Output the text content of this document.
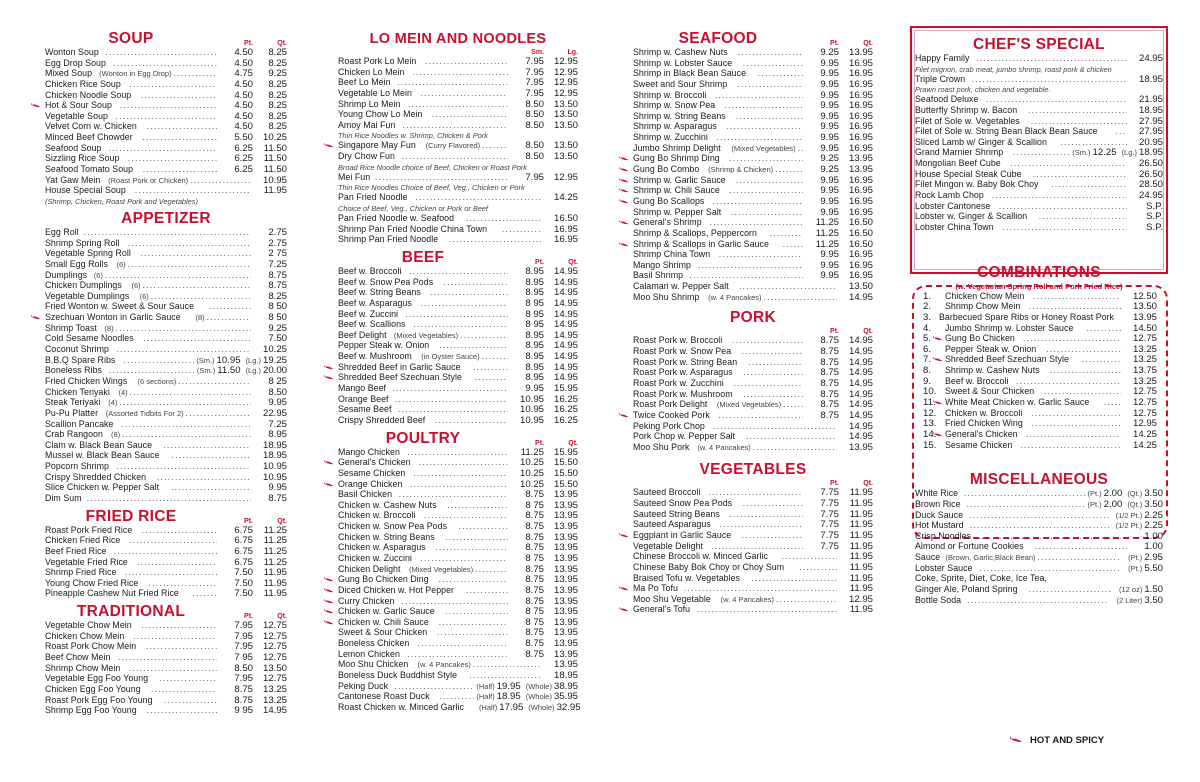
SOUP	Pt.	Qt.
Wonton Soup .....	4.50	8.25
Egg Drop Soup .....	4.50	8.25
Mixed Soup (Wonton in Egg Drop) .....	4.75	9.25
Chicken Rice Soup .....	4.50	8.25
Chicken Noodle Soup .....	4.50	8.25
Hot & Sour Soup .....	4.50	8.25
Vegetable Soup .....	4.50	8.25
Velvet Corn w. Chicken .....	4.50	8.25
Minced Beef Chowder .....	5.50	10.25
Seafood Soup .....	6.25	11.50
Sizzling Rice Soup .....	6.25	11.50
Seafood Tomato Soup .....	6.25	11.50
Yat Gaw Mein (Roast Pork or Chicken) .....	10.95
House Special Soup .....	11.95
(Shrimp, Chicken, Roast Pork and Vegetables)
APPETIZER
Egg Roll .....	2.75
Shrimp Spring Roll .....	2.75
Vegetable Spring Roll .....	2 75
Small Egg Rolls (6) .....	7.25
Dumplings (6) .....	8.75
Chicken Dumplings (6) .....	8.75
Vegetable Dumplings (6) .....	8.25
Fried Wonton w. Sweet & Sour Sauce .....	8 50
Szechuan Wonton in Garlic Sauce (8) .....	8 50
Shrimp Toast (8) .....	9.25
Cold Sesame Noodles .....	7.50
Coconut Shrimp .....	10.25
B.B.Q Spare Ribs .....	(Sm.) 10.95 (Lg.) 19.25
Boneless Ribs .....	(Sm.) 11.50 (Lg.) 20.00
Fried Chicken Wings (6 sections) .....	8 25
Chicken Teriyaki (4) .....	8.50
Steak Teriyaki (4) .....	9.95
Pu-Pu Platter (Assorted Tidbits For 2) .....	22.95
Scallion Pancake .....	7.25
Crab Rangoon (8) .....	8.95
Clam w. Black Bean Sauce .....	18.95
Mussel w. Black Bean Sauce .....	18.95
Popcorn Shrimp .....	10.95
Crispy Shredded Chicken .....	10.95
Slice Chicken w. Pepper Salt .....	9.95
Dim Sum .....	8.75
FRIED RICE	Pt.	Qt.
Roast Pork Fried Rice .....	6.75	11.25
Chicken Fried Rice .....	6.75	11.25
Beef Fried Rice .....	6.75	11.25
Vegetable Fried Rice .....	6.75	11.25
Shrimp Fried Rice .....	7.50	11.95
Young Chow Fried Rice .....	7.50	11.95
Pineapple Cashew Nut Fried Rice .....	7.50	11.95
TRADITIONAL	Pt.	Qt.
Vegetable Chow Mein .....	7.95	12.75
Chicken Chow Mein .....	7.95	12.75
Roast Pork Chow Mein .....	7.95	12.75
Beef Chow Mein .....	7 95	12.75
Shrimp Chow Mein .....	8.50	13.50
Vegetable Egg Foo Young .....	7.95	12.75
Chicken Egg Foo Young .....	8.75	13.25
Roast Pork Egg Foo Young .....	8.75	13.25
Shrimp Egg Foo Young .....	9 95	14.95
LO MEIN AND NOODLES
Sm.	Lg.
Roast Pork Lo Mein .....	7.95	12.95
Chicken Lo Mein .....	7.95	12.95
Beef Lo Mein .....	7.95	12.95
Vegetable Lo Mein .....	7.95	12.95
Shrimp Lo Mein .....	8.50	13.50
Young Chow Lo Mein .....	8.50	13.50
Amoy Mai Fun .....	8.50	13.50
Thin Rice Noodles w. Shrimp, Chicken & Pork
Singapore May Fun (Curry Flavored) .....	8.50	13.50
Dry Chow Fun .....	8.50	13.50
Broad Rice Noodle choice of Beef, Chicken or Roast Pork
Mei Fun .....	7.95	12.95
Thin Rice Noodles Choice of Beef, Veg., Chicken or Pork
Pan Fried Noodle .....	14.25
Choice of Beef, Veg., Chicken or Pork or Beef
Pan Fried Noodle w. Seafood .....	16.50
Shrimp Pan Fried Noodle China Town .....	16.95
Shrimp Pan Fried Noodle .....	16.95
BEEF	Pt.	Qt.
Beef w. Broccoli .....	8.95	14.95
Beef w. Snow Pea Pods .....	8.95	14.95
Beef w. String Beans .....	8.95	14.95
Beef w. Asparagus .....	8 95	14.95
Beef w. Zuccini .....	8 95	14.95
Beef w. Scallions .....	8 95	14.95
Beef Delight (Mixed Vegetables) .....	8.95	14.95
Pepper Steak w. Onion .....	8.95	14.95
Beef w. Mushroom (in Oyster Sauce) .....	8.95	14.95
Shredded Beef in Garlic Sauce .....	8.95	14.95
Shredded Beef Szechuan Style .....	8.95	14.95
Mango Beef .....	9.95	15.95
Orange Beef .....	10.95	16.25
Sesame Beef .....	10.95	16.25
Crispy Shredded Beef .....	10.95	16.25
POULTRY	Pt.	Qt.
Mango Chicken .....	11.25	15.95
General's Chicken .....	10.25	15.50
Sesame Chicken .....	10.25	15.50
Orange Chicken .....	10.25	15.50
Basil Chicken .....	8.75	13.95
Chicken w. Cashew Nuts .....	8 75	13.95
Chicken w. Broccoli .....	8.75	13.95
Chicken w. Snow Pea Pods .....	8.75	13.95
Chicken w. String Beans .....	8.75	13.95
Chicken w. Asparagus .....	8.75	13.95
Chicken w. Zuccini .....	8 75	13.95
Chicken Delight (Mixed Vegetables) .....	8.75	13.95
Gung Bo Chicken Ding .....	8.75	13.95
Diced Chicken w. Hot Pepper .....	8.75	13.95
Curry Chicken .....	8.75	13.95
Chicken w. Garlic Sauce .....	8 75	13.95
Chicken w. Chili Sauce .....	8 75	13.95
Sweet & Sour Chicken .....	8.75	13.95
Boneless Chicken .....	8.75	13.95
Lemon Chicken .....	8.75	13.95
Moo Shu Chicken (w. 4 Pancakes) .....	13.95
Boneless Duck Buddhist Style .....	18.95
Peking Duck .....	(Half) 19.95 (Whole) 38.95
Cantonese Roast Duck .....	(Half) 18.95 (Whole) 35.95
Roast Chicken w. Minced Garlic (Half) 17.95 (Whole) 32.95
SEAFOOD	Pt.	Qt.
Shrimp w. Cashew Nuts .....	9.25	13.95
Shrimp w. Lobster Sauce .....	9.95	16.95
Shrimp in Black Bean Sauce .....	9.95	16.95
Sweet and Sour Shrimp .....	9.95	16.95
Shrimp w. Broccoli .....	9.95	16.95
Shrimp w. Snow Pea .....	9.95	16.95
Shrimp w. String Beans .....	9.95	16.95
Shrimp w. Asparagus .....	9.95	16.95
Shrimp w. Zucchini .....	9.95	16.95
Jumbo Shrimp Delight (Mixed Vegetables) .....	9.95	16.95
Gung Bo Shrimp Ding .....	9.25	13.95
Gung Bo Combo (Shrimp & Chicken) .....	9.25	13.95
Shrimp w. Garlic Sauce .....	9.95	16.95
Shrimp w. Chili Sauce .....	9.95	16.95
Gung Bo Scallops .....	9.95	16.95
Shrimp w. Pepper Salt .....	9.95	16.95
General's Shrimp .....	11.25	16.50
Shrimp & Scallops, Peppercorn .....	11.25	16.50
Shrimp & Scallops in Garlic Sauce .....	11.25	16.50
Shrimp China Town .....	9.95	16.95
Mango Shrimp .....	9.95	16.95
Basil Shrimp .....	9.95	16.95
Calamari w. Pepper Salt .....	13.50
Moo Shu Shrimp (w. 4 Pancakes) .....	14.95
PORK
Pt.	Qt.
Roast Pork w. Broccoli .....	8.75	14.95
Roast Pork w. Snow Pea .....	8.75	14.95
Roast Pork w. String Bean .....	8.75	14.95
Roast Pork w. Asparagus .....	8.75	14.95
Roast Pork w. Zucchini .....	8.75	14.95
Roast Pork w. Mushroom .....	8.75	14.95
Roast Pork Delight (Mixed Vegetables) .....	8.75	14.95
Twice Cooked Pork .....	8.75	14.95
Peking Pork Chop .....	14.95
Pork Chop w. Pepper Salt .....	14.95
Moo Shu Pork (w. 4 Pancakes) .....	13.95
VEGETABLES
Pt.	Qt.
Sauteed Broccoli .....	7.75	11.95
Sauteed Snow Pea Pods .....	7.75	11.95
Sauteed String Beans .....	7.75	11.95
Sauteed Asparagus .....	7.75	11.95
Eggplant in Garlic Sauce .....	7.75	11.95
Vegetable Delight .....	7.75	11.95
Chinese Broccoli w. Minced Garlic .....	11.95
Chinese Baby Bok Choy or Choy Sum .....	11.95
Braised Tofu w. Vegetables .....	11.95
Ma Po Tofu .....	11.95
Moo Shu Vegetable (w. 4 Pancakes) .....	12.95
General's Tofu .....	11.95
CHEF'S SPECIAL
Happy Family .....	24.95
Filet mignon, crab meat, jumbo shrimp, roast pork & chicken
Triple Crown .....	18.95
Prawn roast pork, chicken and vegetable.
Seafood Deluxe .....	21.95
Butterfly Shrimp w. Bacon .....	18.95
Filet of Sole w. Vegetables .....	27.95
Filet of Sole w. String Bean Black Bean Sauce .....	27.95
Sliced Lamb w/ Ginger & Scallion .....	20.95
Grand Marnier Shrimp .....	(Sm.) 12.25 (Lg.) 18.95
Mongolian Beef Cube .....	26.50
House Special Steak Cube .....	26.50
Filet Mingon w. Baby Bok Choy .....	28.50
Rock Lamb Chop .....	24.95
Lobster Cantonese .....	S.P.
Lobster w. Ginger & Scallion .....	S.P.
Lobster China Town .....	S.P.
COMBINATIONS
(w. Vegetarian Spring Roll and Pork Fried Rice)
1.	Chicken Chow Mein .....	12.50
2.	Shrimp Chow Mein .....	13.50
3. Barbecued Spare Ribs or Honey Roast Pork 13.95
4.	Jumbo Shrimp w. Lobster Sauce .....	14.50
5.	Gung Bo Chicken .....	12.75
6.	Pepper Steak w. Onion .....	13.25
7.	Shredded Beef Szechuan Style .....	13.25
8.	Shrimp w. Cashew Nuts .....	13.75
9.	Beef w. Broccoli .....	13.25
10. Sweet & Sour Chicken .....	12.75
11. White Meat Chicken w. Garlic Sauce .....	12.75
12. Chicken w. Broccoli .....	12.75
13. Fried Chicken Wing .....	12.95
14. General's Chicken .....	14.25
15. Sesame Chicken .....	14.25
MISCELLANEOUS
White Rice .....	(Pt.) 2.00 (Qt.) 3.50
Brown Rice .....	(Pt.) 2.00 (Qt.) 3.50
Duck Sauce .....	(1/2 Pt.) 2.25
Hot Mustard .....	(1/2 Pt.) 2.25
Crisp Noodles .....	1.00
Almond or Fortune Cookies .....	1.00
Sauce (Brown, Garlic,Black Bean) .....	(Pt.) 2.95
Lobster Sauce .....	(Pt.) 5.50
Coke, Sprite, Diet, Coke, Ice Tea,
Ginger Ale, Poland Spring .....	(12 oz) 1.50
Bottle Soda .....	(2 Liter) 3.50
HOT AND SPICY
